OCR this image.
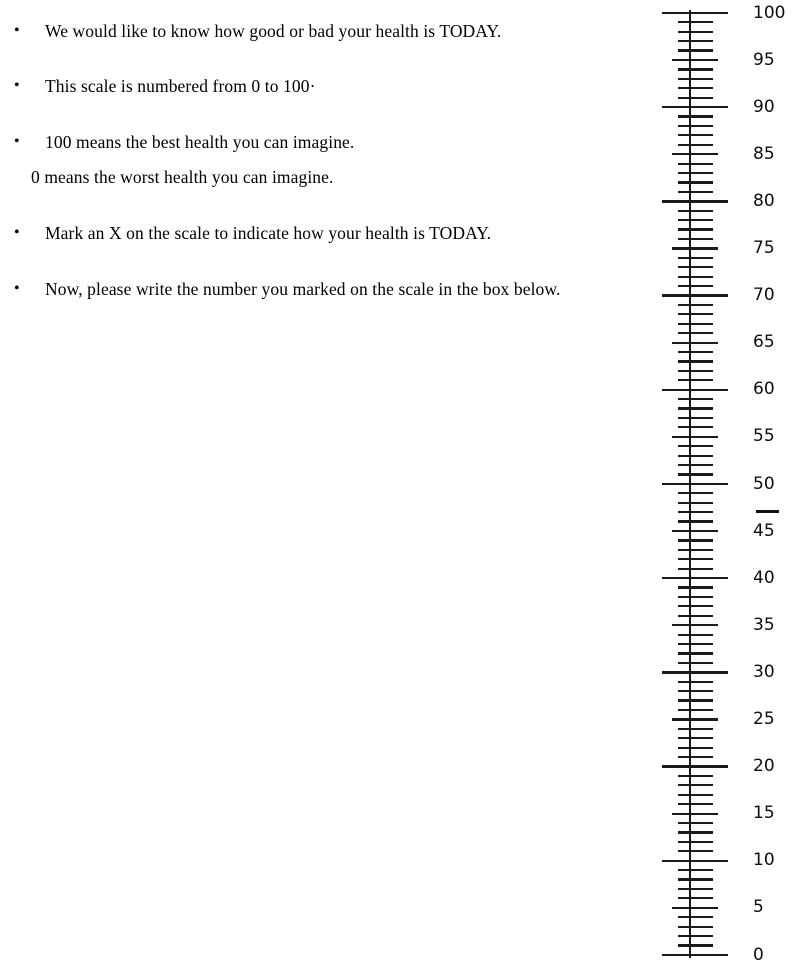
•	We would like to know how good or bad your health is TODAY.
•	This scale is numbered from 0 to 100·
•	100 means the best health you can imagine.
0 means the worst health you can imagine.
•	Mark an X on the scale to indicate how your health is TODAY.
•	Now, please write the number you marked on the scale in the box below.
100
95
90
85
80
75
70
65
60
55
50
45
40
35
30
25
20
15
10
5
0
